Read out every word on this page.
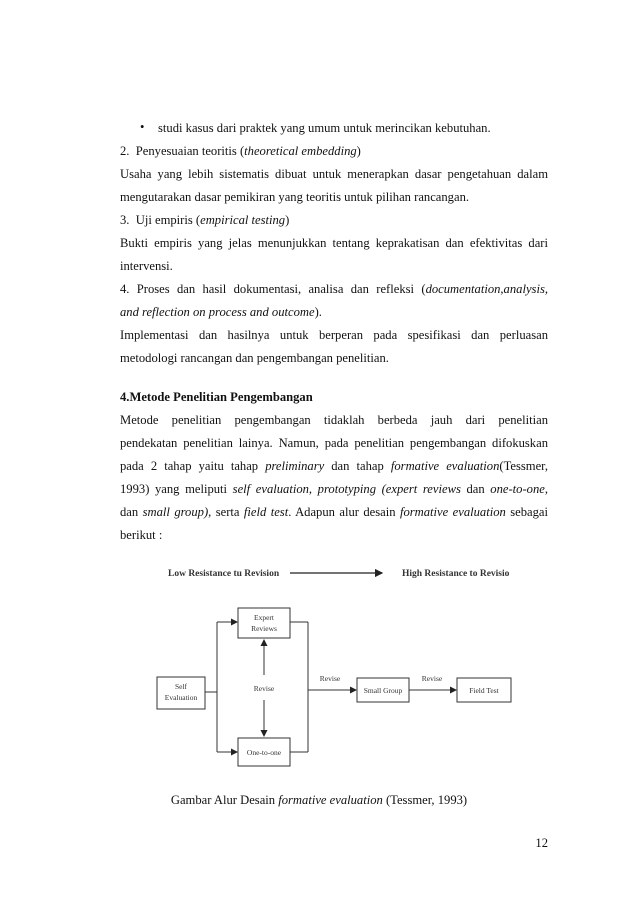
• studi kasus dari praktek yang umum untuk merincikan kebutuhan.
2. Penyesuaian teoritis (theoretical embedding)
Usaha yang lebih sistematis dibuat untuk menerapkan dasar pengetahuan dalam
mengutarakan dasar pemikiran yang teoritis untuk pilihan rancangan.
3. Uji empiris (empirical testing)
Bukti empiris yang jelas menunjukkan tentang keprakatisan dan efektivitas dari
intervensi.
4. Proses dan hasil dokumentasi, analisa dan refleksi (documentation,analysis,
and reflection on process and outcome).
Implementasi dan hasilnya untuk berperan pada spesifikasi dan perluasan
metodologi rancangan dan pengembangan penelitian.
4.Metode Penelitian Pengembangan
Metode penelitian pengembangan tidaklah berbeda jauh dari penelitian
pendekatan penelitian lainya. Namun, pada penelitian pengembangan difokuskan
pada 2 tahap yaitu tahap preliminary dan tahap formative evaluation(Tessmer,
1993) yang meliputi self evaluation, prototyping (expert reviews dan one-to-one,
dan small group), serta field test. Adapun alur desain formative evaluation sebagai
berikut :
Low Resistance tu Revision	High Resistance to Revisio
Self
Evaluation
Expert
Reviews
Revise
One-to-one
Revise
Small Group
Revise
Field Test
Gambar Alur Desain formative evaluation (Tessmer, 1993)
12
